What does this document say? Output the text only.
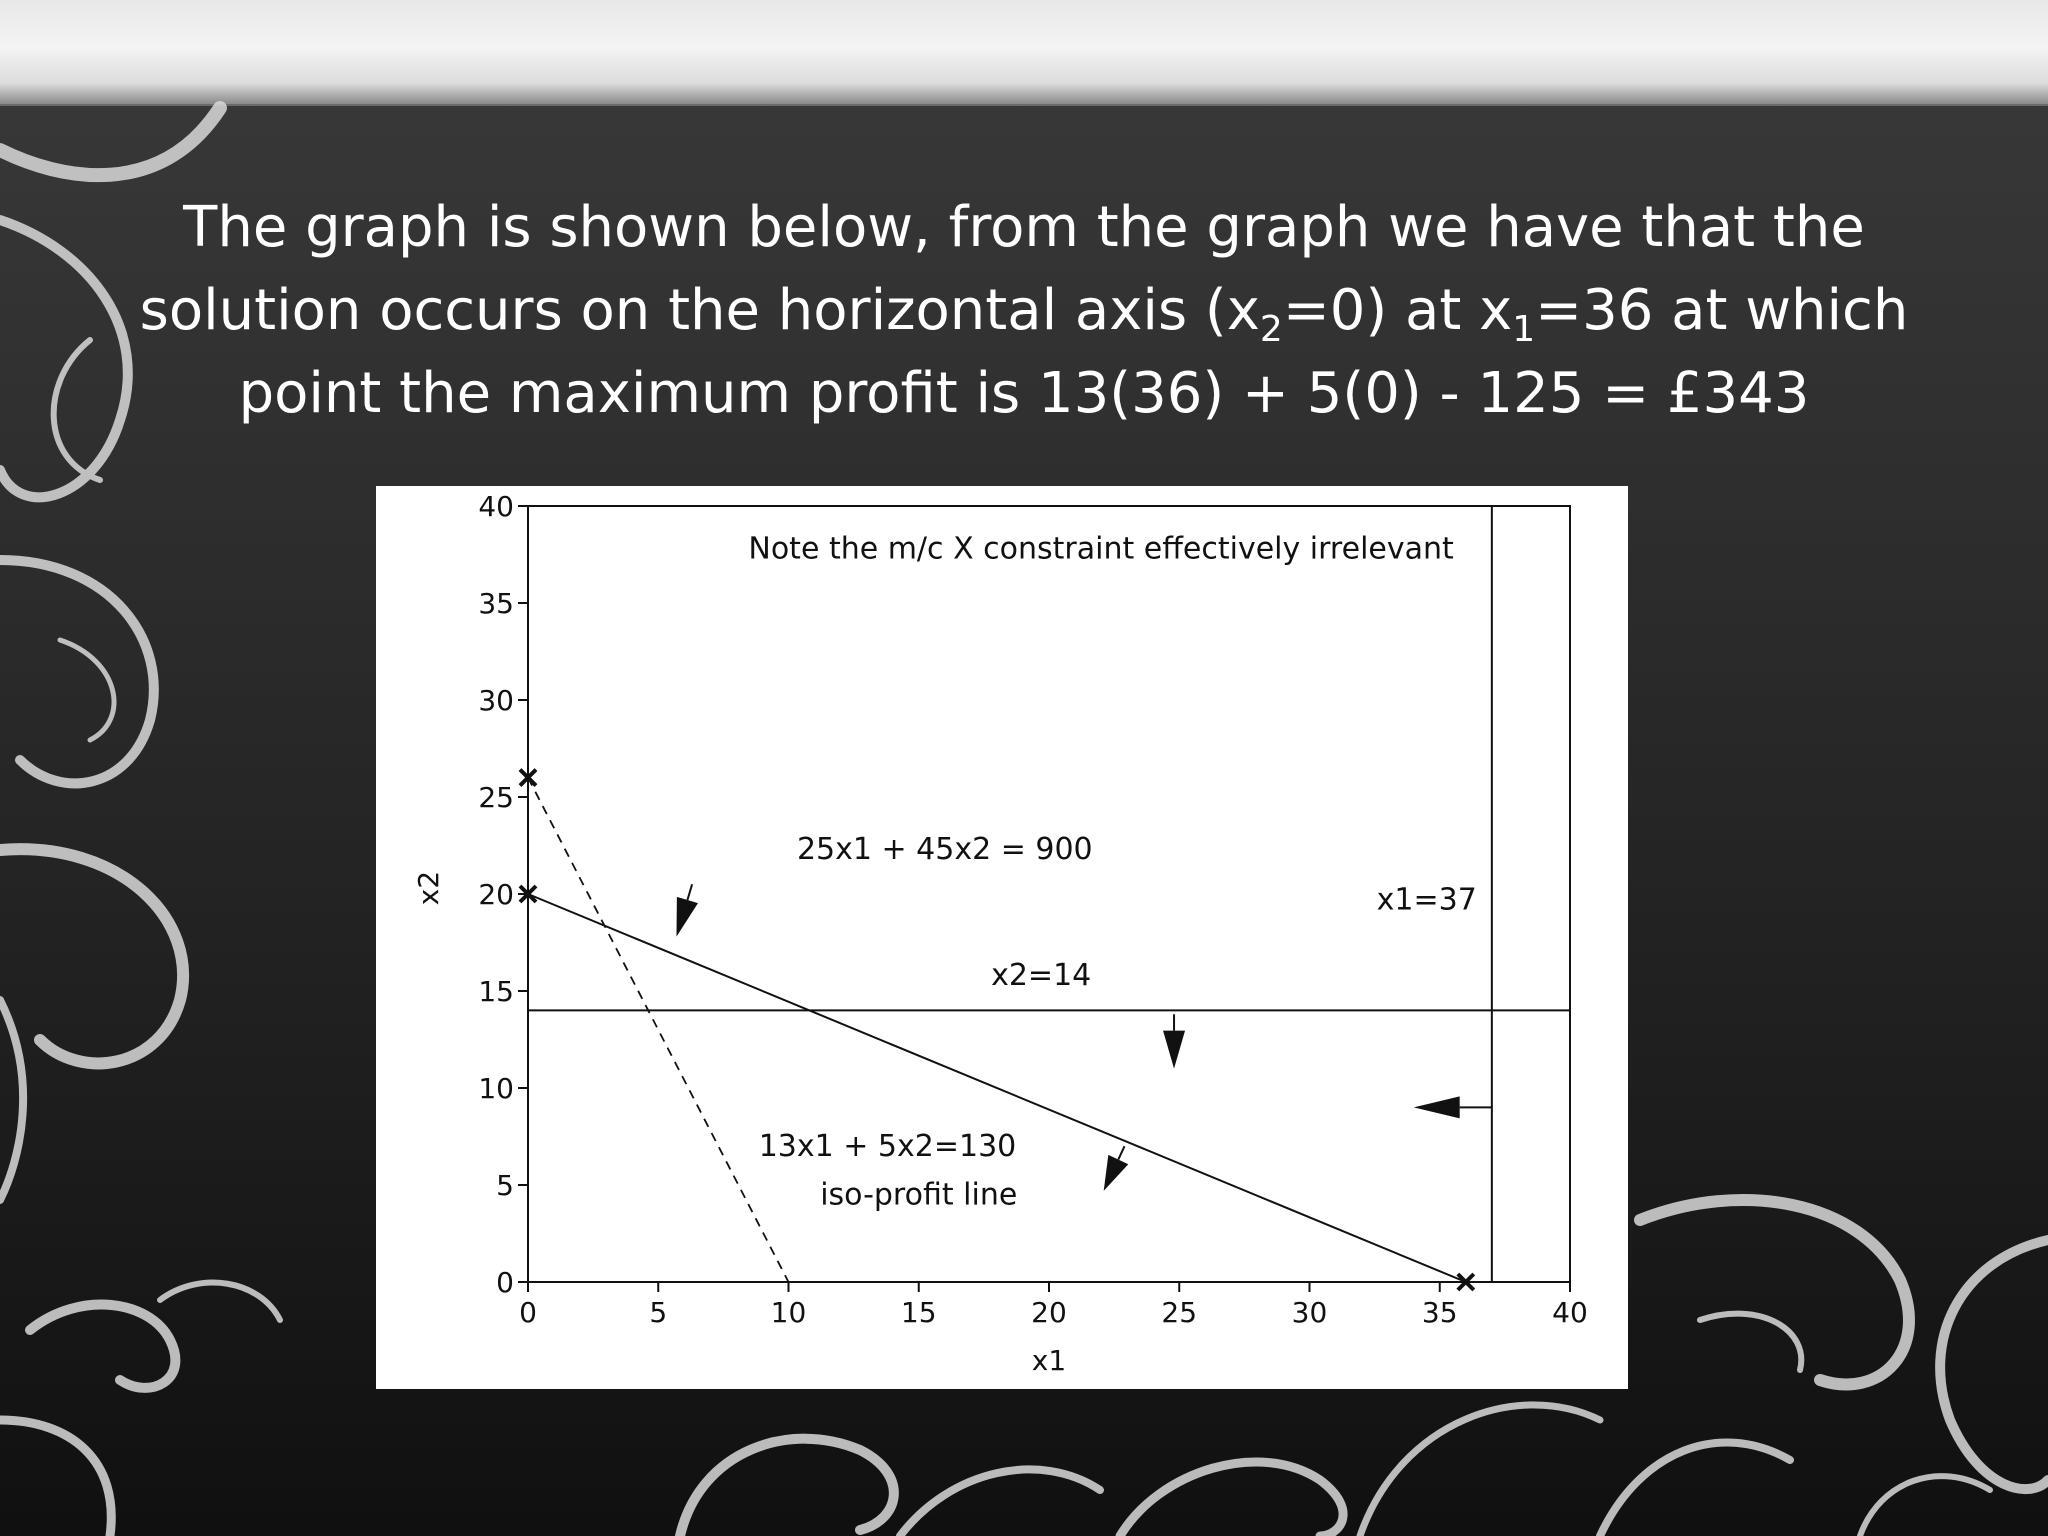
The graph is shown below, from the graph we have that the
solution occurs on the horizontal axis $(x_2=0)$ at $x_1=36$ at which
point the maximum profit is 13(36) + 5(0) - 125 = £343
0	5	10	15	20	25	30	35	40
0
5
10
15
20
25
30
35
40
x1
x2
Note the m/c X constraint effectively irrelevant
25x1 + 45x2 = 900
x1=37
x2=14
13x1 + 5x2=130
iso-profit line
